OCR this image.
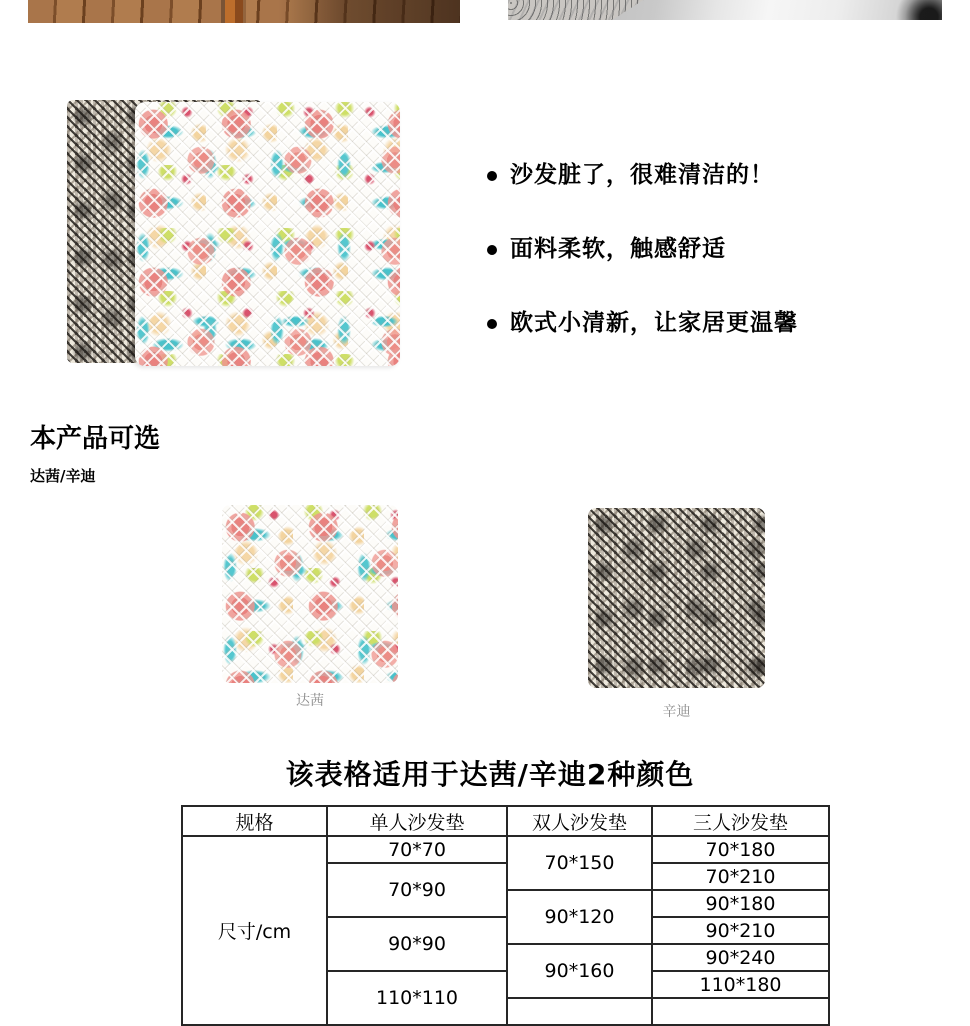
沙发脏了，很难清洁的！
面料柔软，触感舒适
欧式小清新，让家居更温馨
本产品可选
达茜/辛迪
达茜
辛迪
该表格适用于达茜/辛迪2种颜色
规格	单人沙发垫	双人沙发垫	三人沙发垫
尺寸/cm	70*70	70*150	70*180
	70*90		70*210
		90*120	90*180
	90*90		90*210
		90*160	90*240
	110*110		110*180
